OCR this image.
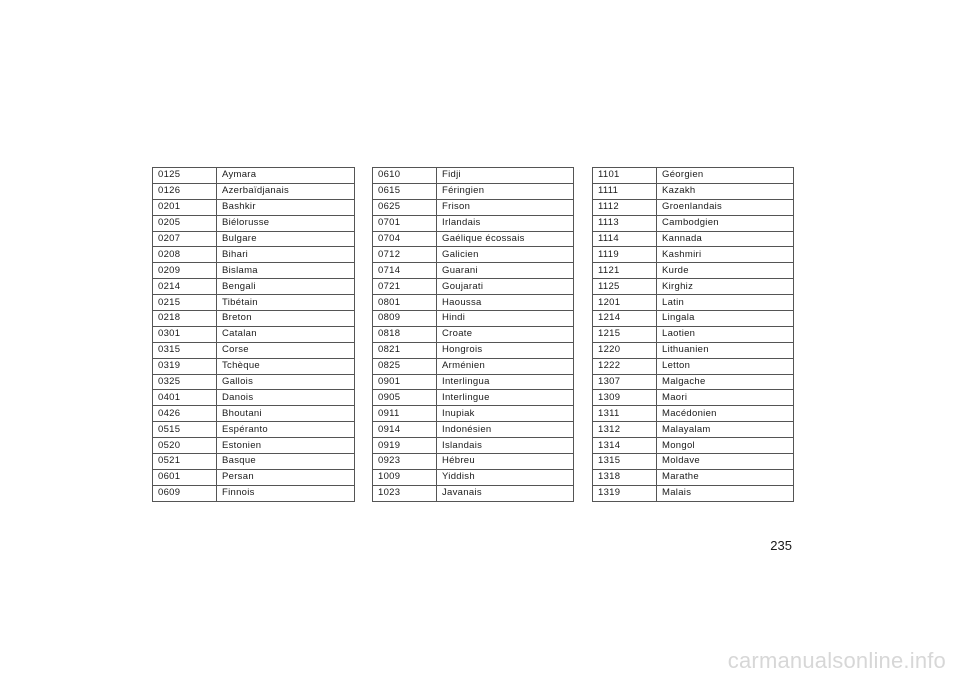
0125	Aymara
0126	Azerbaïdjanais
0201	Bashkir
0205	Biélorusse
0207	Bulgare
0208	Bihari
0209	Bislama
0214	Bengali
0215	Tibétain
0218	Breton
0301	Catalan
0315	Corse
0319	Tchèque
0325	Gallois
0401	Danois
0426	Bhoutani
0515	Espéranto
0520	Estonien
0521	Basque
0601	Persan
0609	Finnois
0610	Fidji
0615	Féringien
0625	Frison
0701	Irlandais
0704	Gaélique écossais
0712	Galicien
0714	Guarani
0721	Goujarati
0801	Haoussa
0809	Hindi
0818	Croate
0821	Hongrois
0825	Arménien
0901	Interlingua
0905	Interlingue
0911	Inupiak
0914	Indonésien
0919	Islandais
0923	Hébreu
1009	Yiddish
1023	Javanais
1101	Géorgien
1111	Kazakh
1112	Groenlandais
1113	Cambodgien
1114	Kannada
1119	Kashmiri
1121	Kurde
1125	Kirghiz
1201	Latin
1214	Lingala
1215	Laotien
1220	Lithuanien
1222	Letton
1307	Malgache
1309	Maori
1311	Macédonien
1312	Malayalam
1314	Mongol
1315	Moldave
1318	Marathe
1319	Malais
235
carmanualsonline.info
